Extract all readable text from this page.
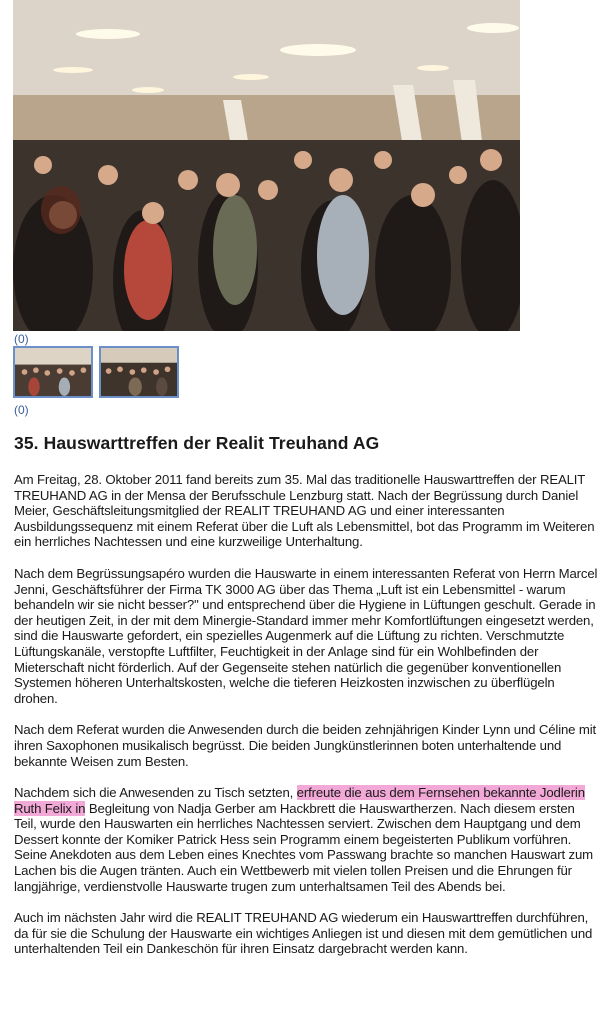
(0)
(0)
35. Hauswarttreffen der Realit Treuhand AG

Am Freitag, 28. Oktober 2011 fand bereits zum 35. Mal das traditionelle Hauswarttreffen der REALIT TREUHAND AG in der Mensa der Berufsschule Lenzburg statt. Nach der Begrüssung durch Daniel Meier, Geschäftsleitungsmitglied der REALIT TREUHAND AG und einer interessanten Ausbildungssequenz mit einem Referat über die Luft als Lebensmittel, bot das Programm im Weiteren ein herrliches Nachtessen und eine kurzweilige Unterhaltung.

Nach dem Begrüssungsapéro wurden die Hauswarte in einem interessanten Referat von Herrn Marcel Jenni, Geschäftsführer der Firma TK 3000 AG über das Thema „Luft ist ein Lebensmittel - warum behandeln wir sie nicht besser?" und entsprechend über die Hygiene in Lüftungen geschult. Gerade in der heutigen Zeit, in der mit dem Minergie-Standard immer mehr Komfortlüftungen eingesetzt werden, sind die Hauswarte gefordert, ein spezielles Augenmerk auf die Lüftung zu richten. Verschmutzte Lüftungskanäle, verstopfte Luftfilter, Feuchtigkeit in der Anlage sind für ein Wohlbefinden der Mieterschaft nicht förderlich. Auf der Gegenseite stehen natürlich die gegenüber konventionellen Systemen höheren Unterhaltskosten, welche die tieferen Heizkosten inzwischen zu überflügeln drohen.

Nach dem Referat wurden die Anwesenden durch die beiden zehnjährigen Kinder Lynn und Céline mit ihren Saxophonen musikalisch begrüsst. Die beiden Jungkünstlerinnen boten unterhaltende und bekannte Weisen zum Besten.

Nachdem sich die Anwesenden zu Tisch setzten, erfreute die aus dem Fernsehen bekannte Jodlerin Ruth Felix in Begleitung von Nadja Gerber am Hackbrett die Hauswartherzen. Nach diesem ersten Teil, wurde den Hauswarten ein herrliches Nachtessen serviert. Zwischen dem Hauptgang und dem Dessert konnte der Komiker Patrick Hess sein Programm einem begeisterten Publikum vorführen. Seine Anekdoten aus dem Leben eines Knechtes vom Passwang brachte so manchen Hauswart zum Lachen bis die Augen tränten. Auch ein Wettbewerb mit vielen tollen Preisen und die Ehrungen für langjährige, verdienstvolle Hauswarte trugen zum unterhaltsamen Teil des Abends bei.

Auch im nächsten Jahr wird die REALIT TREUHAND AG wiederum ein Hauswarttreffen durchführen, da für sie die Schulung der Hauswarte ein wichtiges Anliegen ist und diesen mit dem gemütlichen und unterhaltenden Teil ein Dankeschön für ihren Einsatz dargebracht werden kann.
